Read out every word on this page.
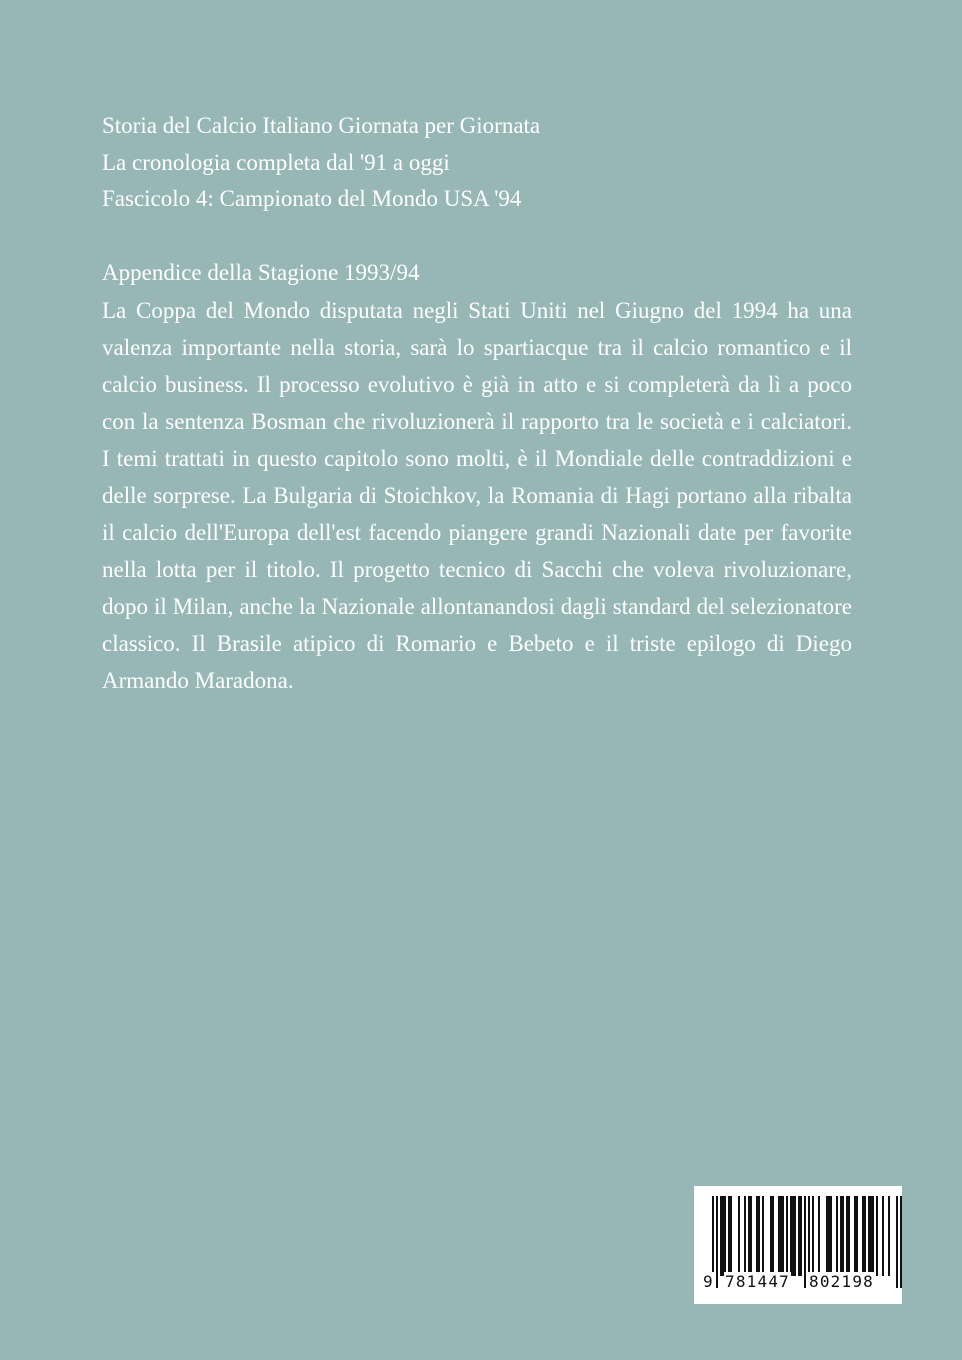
Storia del Calcio Italiano Giornata per Giornata
La cronologia completa dal '91 a oggi
Fascicolo 4: Campionato del Mondo USA '94
Appendice della Stagione 1993/94
La Coppa del Mondo disputata negli Stati Uniti nel Giugno del 1994 ha una valenza importante nella storia, sarà lo spartiacque tra il calcio romantico e il calcio business. Il processo evolutivo è già in atto e si completerà da lì a poco con la sentenza Bosman che rivoluzionerà il rapporto tra le società e i calciatori. I temi trattati in questo capitolo sono molti, è il Mondiale delle contraddizioni e delle sorprese. La Bulgaria di Stoichkov, la Romania di Hagi portano alla ribalta il calcio dell'Europa dell'est facendo piangere grandi Nazionali date per favorite nella lotta per il titolo. Il progetto tecnico di Sacchi che voleva rivoluzionare, dopo il Milan, anche la Nazionale allontanandosi dagli standard del selezionatore classico. Il Brasile atipico di Romario e Bebeto e il triste epilogo di Diego Armando Maradona.
9 781447 802198
